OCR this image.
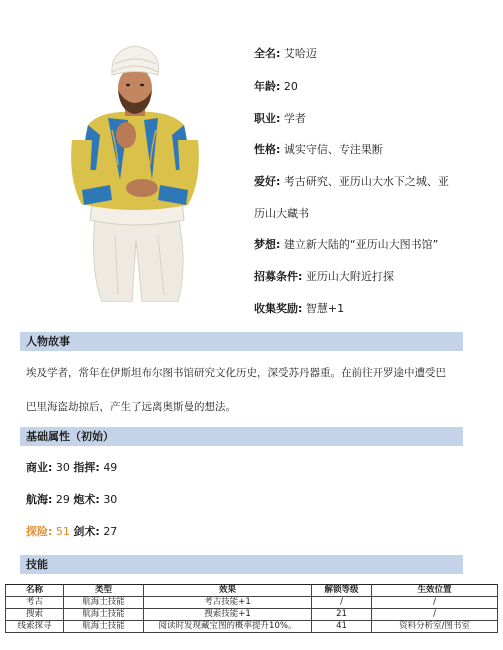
全名: 艾哈迈
年龄: 20
职业: 学者
性格: 诚实守信、专注果断
爱好: 考古研究、亚历山大水下之城、亚
历山大藏书
梦想: 建立新大陆的“亚历山大图书馆”
招募条件: 亚历山大附近打探
收集奖励: 智慧+1
人物故事
埃及学者，常年在伊斯坦布尔图书馆研究文化历史，深受苏丹器重。在前往开罗途中遭受巴
巴里海盗劫掠后，产生了远离奥斯曼的想法。
基础属性（初始）
商业: 30 指挥: 49
航海: 29 炮术: 30
探险: 51 剑术: 27
技能
名称	类型	效果	解锁等级	生效位置
考古	航海士技能	考古技能+1	/	/
搜索	航海士技能	搜索技能+1	21	/
线索探寻	航海士技能	阅读时发现藏宝图的概率提升10%。	41	资料分析室/图书室
